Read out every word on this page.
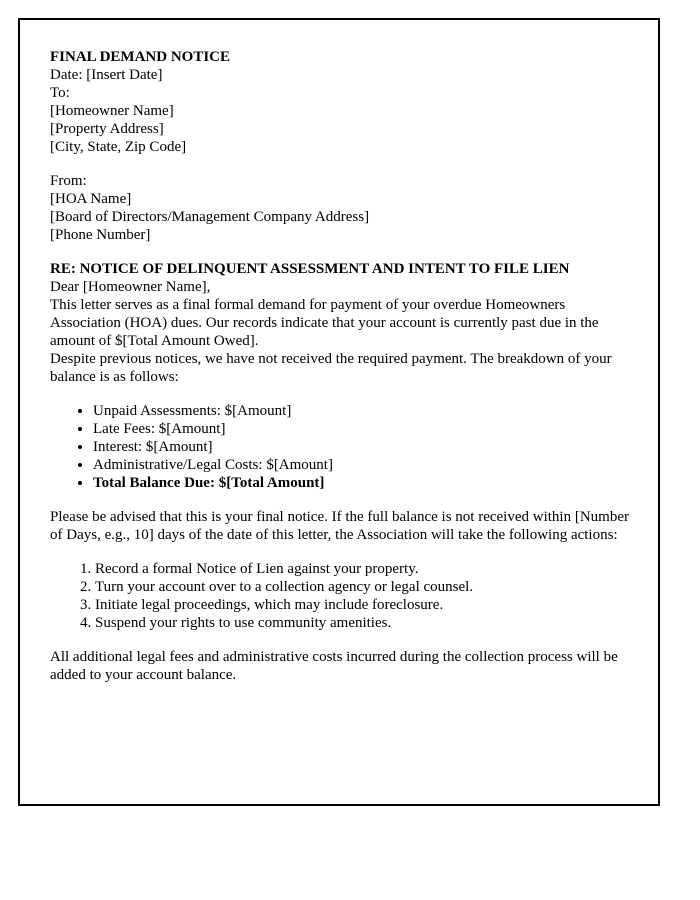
FINAL DEMAND NOTICE

Date: [Insert Date]

To:

[Homeowner Name]

[Property Address]

[City, State, Zip Code]

From:

[HOA Name]

[Board of Directors/Management Company Address]

[Phone Number]

RE: NOTICE OF DELINQUENT ASSESSMENT AND INTENT TO FILE LIEN

Dear [Homeowner Name],

This letter serves as a final formal demand for payment of your overdue Homeowners Association (HOA) dues. Our records indicate that your account is currently past due in the amount of $[Total Amount Owed].

Despite previous notices, we have not received the required payment. The breakdown of your balance is as follows:

• Unpaid Assessments: $[Amount]
• Late Fees: $[Amount]
• Interest: $[Amount]
• Administrative/Legal Costs: $[Amount]
• Total Balance Due: $[Total Amount]

Please be advised that this is your final notice. If the full balance is not received within [Number of Days, e.g., 10] days of the date of this letter, the Association will take the following actions:

1. Record a formal Notice of Lien against your property.
2. Turn your account over to a collection agency or legal counsel.
3. Initiate legal proceedings, which may include foreclosure.
4. Suspend your rights to use community amenities.

All additional legal fees and administrative costs incurred during the collection process will be added to your account balance.
